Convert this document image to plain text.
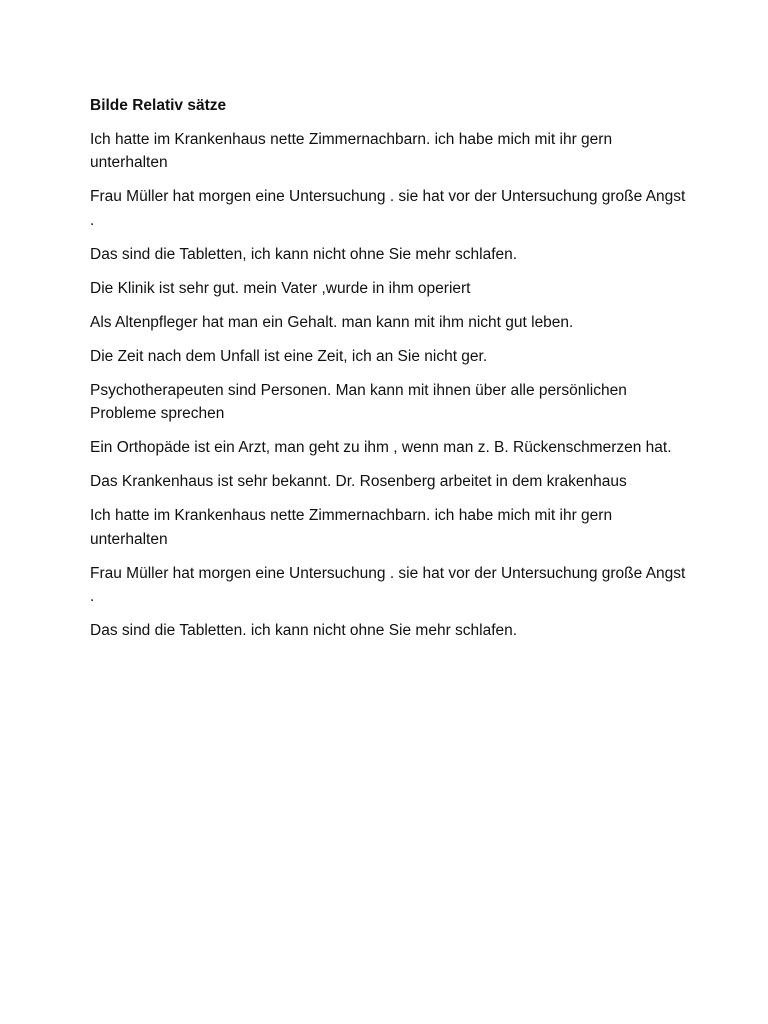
Bilde Relativ sätze

Ich hatte im Krankenhaus nette Zimmernachbarn. ich habe mich mit ihr gern unterhalten

Frau Müller hat morgen eine Untersuchung . sie hat vor der Untersuchung große Angst .

Das sind die Tabletten, ich kann nicht ohne Sie mehr schlafen.

Die Klinik ist sehr gut. mein Vater ,wurde in ihm operiert

Als Altenpfleger hat man ein Gehalt. man kann mit ihm nicht gut leben.

Die Zeit nach dem Unfall ist eine Zeit, ich an Sie nicht ger.

Psychotherapeuten sind Personen. Man kann mit ihnen über alle persönlichen Probleme sprechen

Ein Orthopäde ist ein Arzt, man geht zu ihm , wenn man z. B. Rückenschmerzen hat.

Das Krankenhaus ist sehr bekannt. Dr. Rosenberg arbeitet in dem krakenhaus

Ich hatte im Krankenhaus nette Zimmernachbarn. ich habe mich mit ihr gern unterhalten

Frau Müller hat morgen eine Untersuchung . sie hat vor der Untersuchung große Angst .

Das sind die Tabletten. ich kann nicht ohne Sie mehr schlafen.
